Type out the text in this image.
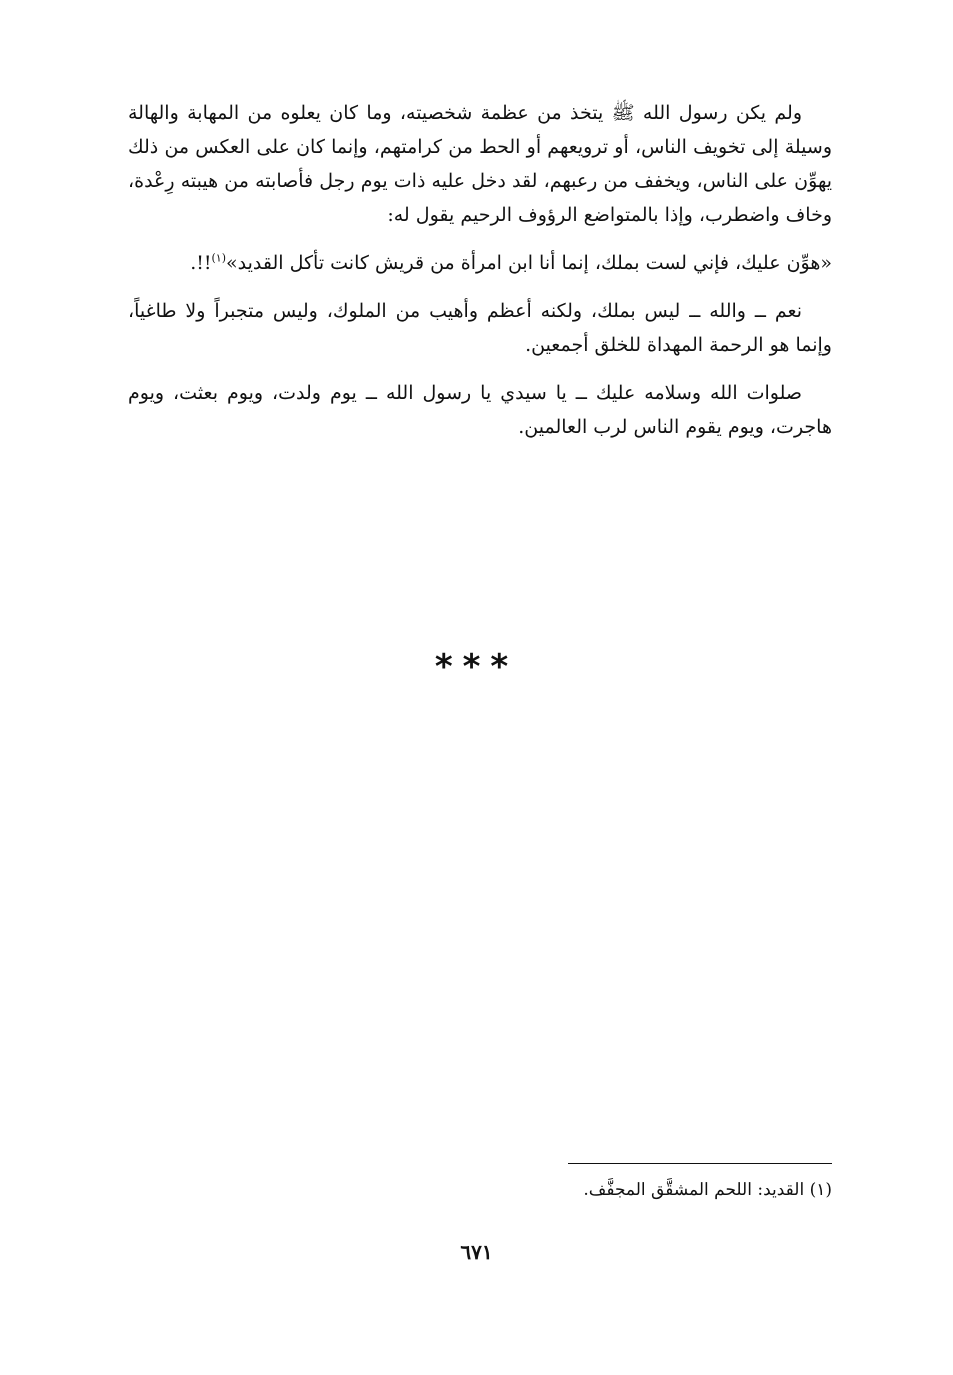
ولم يكن رسول الله ﷺ يتخذ من عظمة شخصيته، وما كان يعلوه من المهابة والهالة وسيلة إلى تخويف الناس، أو ترويعهم أو الحط من كرامتهم، وإنما كان على العكس من ذلك يهوِّن على الناس، ويخفف من رعبهم، لقد دخل عليه ذات يوم رجل فأصابته من هيبته رِعْدة، وخاف واضطرب، وإذا بالمتواضع الرؤوف الرحيم يقول له:

«هوِّن عليك، فإني لست بملك، إنما أنا ابن امرأة من قريش كانت تأكل القديد»$^{(١)}$!!.

نعم ــ والله ــ ليس بملك، ولكنه أعظم وأهيب من الملوك، وليس متجبراً ولا طاغياً، وإنما هو الرحمة المهداة للخلق أجمعين.

صلوات الله وسلامه عليك ــ يا سيدي يا رسول الله ــ يوم ولدت، ويوم بعثت، ويوم هاجرت، ويوم يقوم الناس لرب العالمين.

***
(١) القديد: اللحم المشقَّق المجفَّف.
٦٧١
